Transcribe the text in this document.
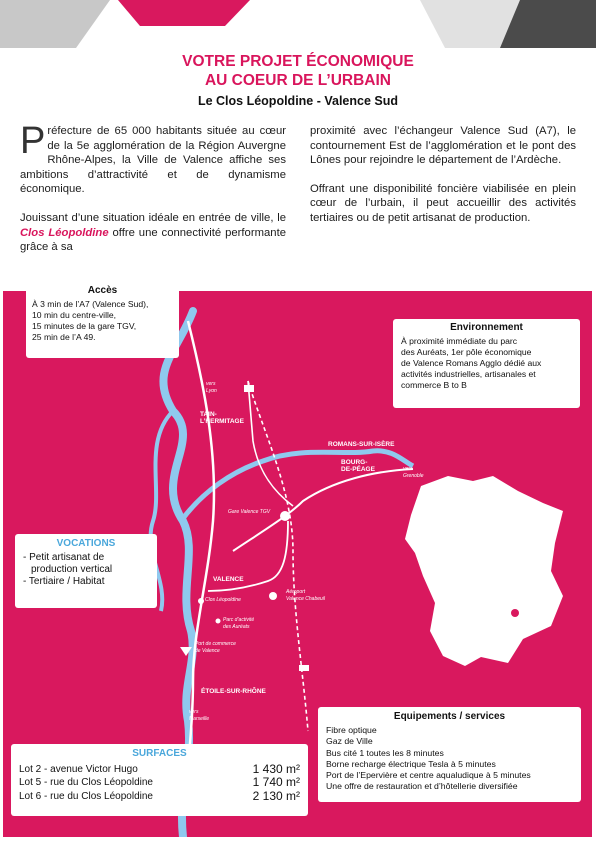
VOTRE PROJET ÉCONOMIQUE
AU COEUR DE L’URBAIN
Le Clos Léopoldine - Valence Sud

Préfecture de 65 000 habitants située au cœur de la 5e agglomération de la Région Auvergne Rhône-Alpes, la Ville de Valence affiche ses ambitions d’attractivité et de dynamisme économique.

Jouissant d’une situation idéale en entrée de ville, le Clos Léopoldine offre une connectivité performante grâce à sa

proximité avec l’échangeur Valence Sud (A7), le contournement Est de l’agglomération et le pont des Lônes pour rejoindre le département de l’Ardèche.

Offrant une disponibilité foncière viabilisée en plein cœur de l’urbain, il peut accueillir des activités tertiaires ou de petit artisanat de production.

vers
Lyon
TAIN-
L’HERMITAGE
ROMANS-SUR-ISÈRE
BOURG-
DE-PÉAGE	vers
Grenoble
Gare Valence TGV
VALENCE
Aéroport
Valence Chabeuil
Clos Léopoldine
Parc d’activité
des Auréats
Port de commerce
de Valence
ÉTOILE-SUR-RHÔNE
vers
Marseille
Accès
À 3 min de l’A7 (Valence Sud),
10 min du centre-ville,
15 minutes de la gare TGV,
25 min de l’A 49.
Environnement
À proximité immédiate du parc
des Auréats, 1er pôle économique
de Valence Romans Agglo dédié aux
activités industrielles, artisanales et
commerce B to B
VOCATIONS
- Petit artisanat de
production vertical
- Tertiaire / Habitat
Equipements / services
Fibre optique
Gaz de Ville
Bus cité 1 toutes les 8 minutes
Borne recharge électrique Tesla à 5 minutes
Port de l’Epervière et centre aqualudique à 5 minutes
Une offre de restauration et d’hôtellerie diversifiée
SURFACES
Lot 2 - avenue Victor Hugo	1 430 m²
Lot 5 - rue du Clos Léopoldine	1 740 m²
Lot 6 - rue du Clos Léopoldine	2 130 m²
